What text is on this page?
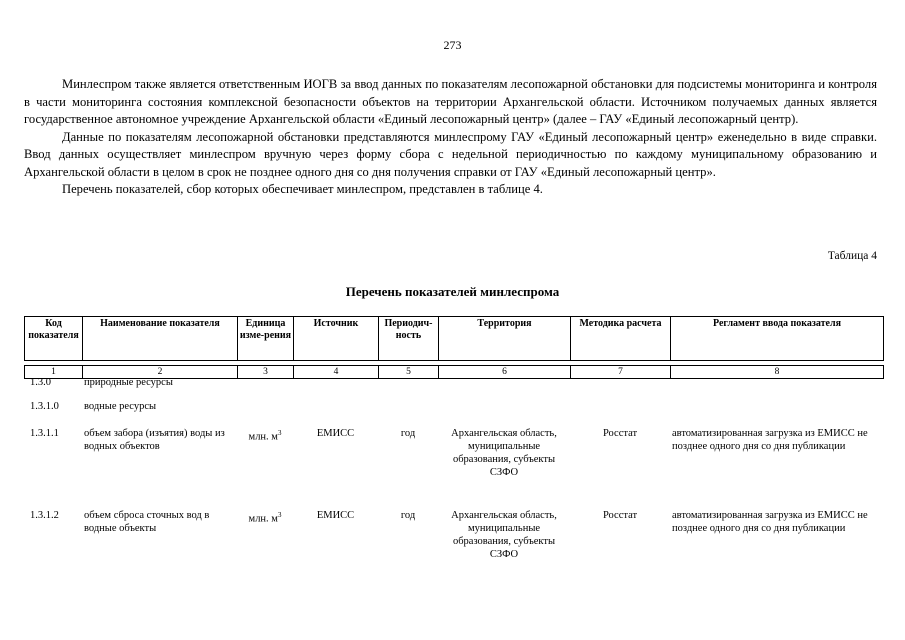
273

Минлеспром также является ответственным ИОГВ за ввод данных по показателям лесопожарной обстановки для подсистемы мониторинга и контроля в части мониторинга состояния комплексной безопасности объектов на территории Архангельской области. Источником получаемых данных является государственное автономное учреждение Архангельской области «Единый лесопожарный центр» (далее – ГАУ «Единый лесопожарный центр).

Данные по показателям лесопожарной обстановки представляются минлеспрому ГАУ «Единый лесопожарный центр» еженедельно в виде справки. Ввод данных осуществляет минлеспром вручную через форму сбора с недельной периодичностью по каждому муниципальному образованию и Архангельской области в целом в срок не позднее одного дня со дня получения справки от ГАУ «Единый лесопожарный центр».

Перечень показателей, сбор которых обеспечивает минлеспром, представлен в таблице 4.

Таблица 4
Перечень показателей минлеспрома
Код показателя	Наименование показателя	Единица изме-рения	Источник	Периодич-ность	Территория	Методика расчета	Регламент ввода показателя

1	2	3	4	5	6	7	8
1.3.0	природные ресурсы						
1.3.1.0	водные ресурсы						
1.3.1.1	объем забора (изъятия) воды из водных объектов	млн. $м^3$	ЕМИСС	год	Архангельская область, муниципальные образования, субъекты СЗФО	Росстат	автоматизированная загрузка из ЕМИСС не позднее одного дня со дня публикации
1.3.1.2	объем сброса сточных вод в водные объекты	млн. $м^3$	ЕМИСС	год	Архангельская область, муниципальные образования, субъекты СЗФО	Росстат	автоматизированная загрузка из ЕМИСС не позднее одного дня со дня публикации
